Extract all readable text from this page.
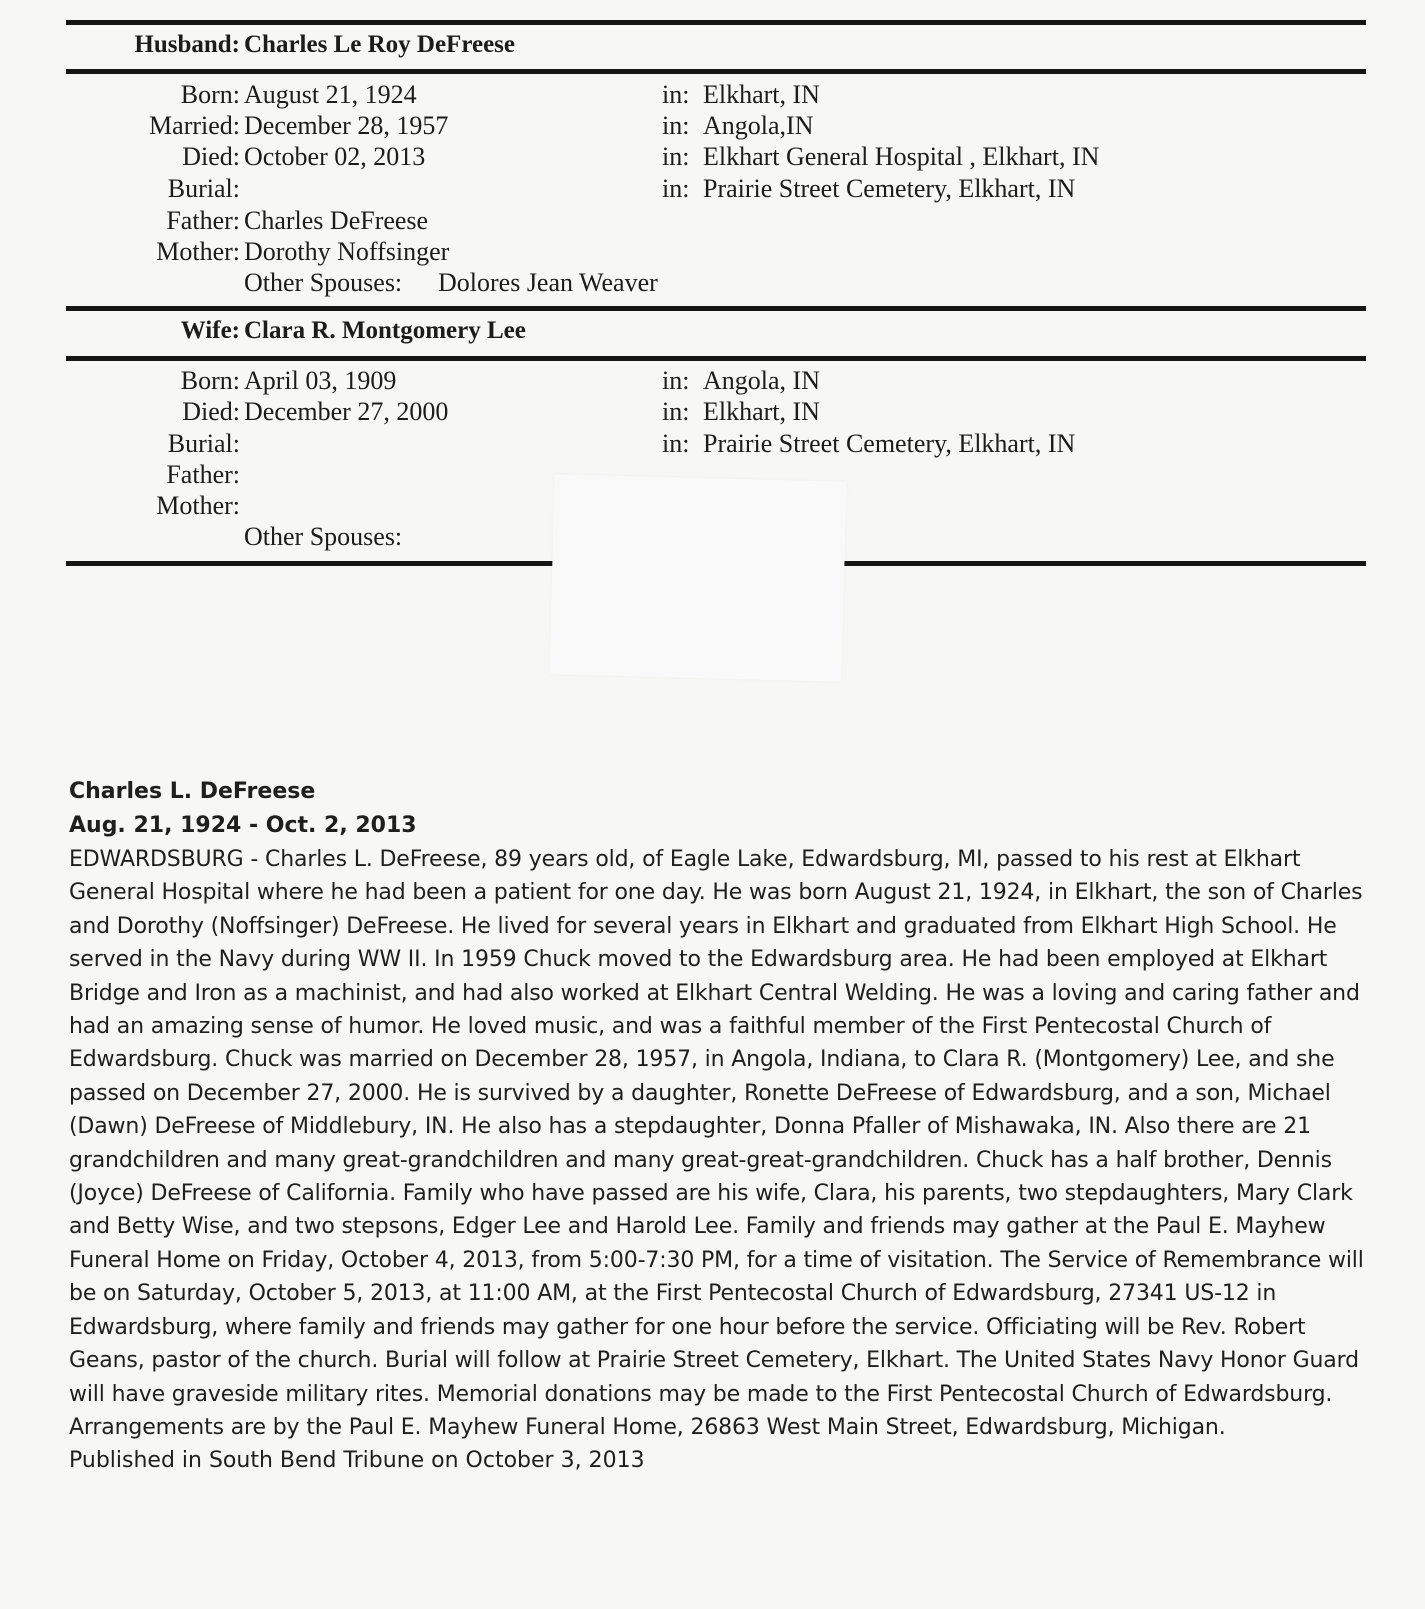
Husband: Charles Le Roy DeFreese
Born: August 21, 1924	in: Elkhart, IN
Married: December 28, 1957	in: Angola,IN
Died: October 02, 2013	in: Elkhart General Hospital , Elkhart, IN
Burial:	in: Prairie Street Cemetery, Elkhart, IN
Father: Charles DeFreese
Mother: Dorothy Noffsinger
Other Spouses: Dolores Jean Weaver
Wife: Clara R. Montgomery Lee
Born: April 03, 1909	in: Angola, IN
Died: December 27, 2000	in: Elkhart, IN
Burial:	in: Prairie Street Cemetery, Elkhart, IN
Father:
Mother:
Other Spouses:
Charles L. DeFreese
Aug. 21, 1924 - Oct. 2, 2013

EDWARDSBURG - Charles L. DeFreese, 89 years old, of Eagle Lake, Edwardsburg, MI, passed to his rest at Elkhart General Hospital where he had been a patient for one day. He was born August 21, 1924, in Elkhart, the son of Charles and Dorothy (Noffsinger) DeFreese. He lived for several years in Elkhart and graduated from Elkhart High School. He served in the Navy during WW II. In 1959 Chuck moved to the Edwardsburg area. He had been employed at Elkhart Bridge and Iron as a machinist, and had also worked at Elkhart Central Welding. He was a loving and caring father and had an amazing sense of humor. He loved music, and was a faithful member of the First Pentecostal Church of Edwardsburg. Chuck was married on December 28, 1957, in Angola, Indiana, to Clara R. (Montgomery) Lee, and she passed on December 27, 2000. He is survived by a daughter, Ronette DeFreese of Edwardsburg, and a son, Michael (Dawn) DeFreese of Middlebury, IN. He also has a stepdaughter, Donna Pfaller of Mishawaka, IN. Also there are 21 grandchildren and many great-grandchildren and many great-great-grandchildren. Chuck has a half brother, Dennis (Joyce) DeFreese of California. Family who have passed are his wife, Clara, his parents, two stepdaughters, Mary Clark and Betty Wise, and two stepsons, Edger Lee and Harold Lee. Family and friends may gather at the Paul E. Mayhew Funeral Home on Friday, October 4, 2013, from 5:00-7:30 PM, for a time of visitation. The Service of Remembrance will be on Saturday, October 5, 2013, at 11:00 AM, at the First Pentecostal Church of Edwardsburg, 27341 US-12 in Edwardsburg, where family and friends may gather for one hour before the service. Officiating will be Rev. Robert Geans, pastor of the church. Burial will follow at Prairie Street Cemetery, Elkhart. The United States Navy Honor Guard will have graveside military rites. Memorial donations may be made to the First Pentecostal Church of Edwardsburg. Arrangements are by the Paul E. Mayhew Funeral Home, 26863 West Main Street, Edwardsburg, Michigan.

Published in South Bend Tribune on October 3, 2013
